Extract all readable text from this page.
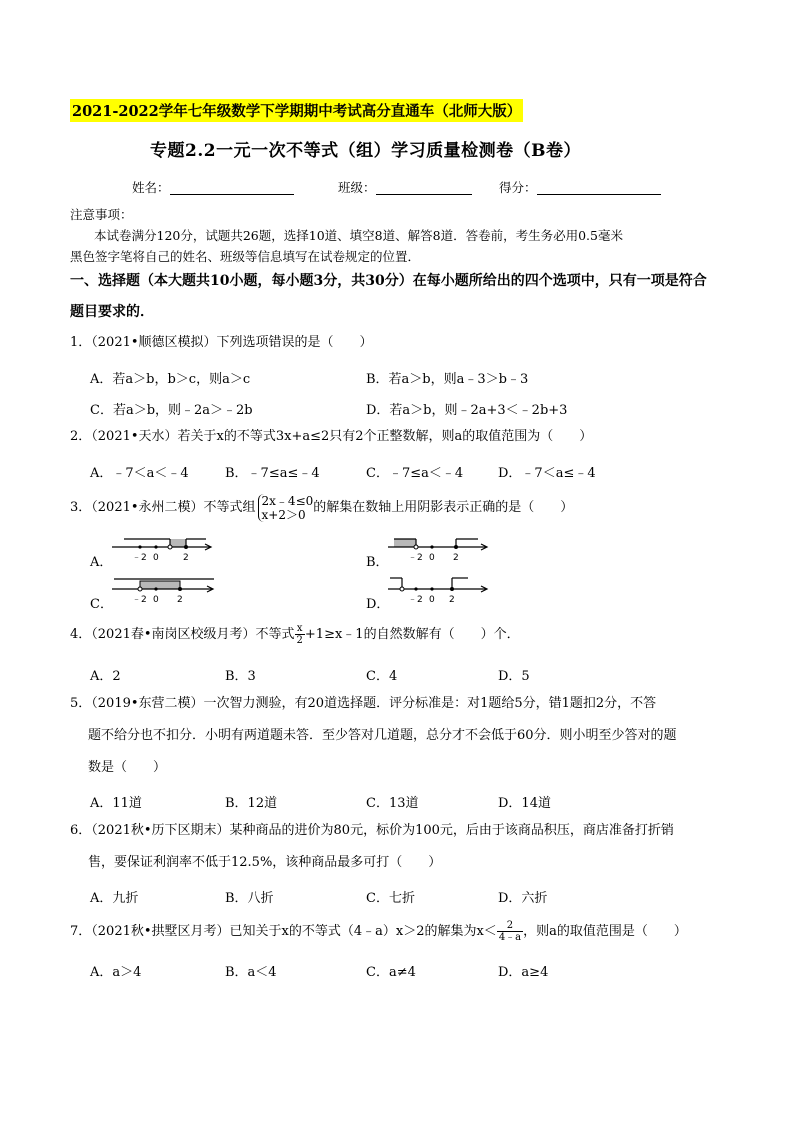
2021-2022学年七年级数学下学期期中考试高分直通车（北师大版）
专题2.2一元一次不等式（组）学习质量检测卷（B卷）
姓名：	班级：	得分：
注意事项：
本试卷满分120分，试题共26题，选择10道、填空8道、解答8道．答卷前，考生务必用0.5毫米
黑色签字笔将自己的姓名、班级等信息填写在试卷规定的位置．
一、选择题（本大题共10小题，每小题3分，共30分）在每小题所给出的四个选项中，只有一项是符合
题目要求的．
1．（2021•顺德区模拟）下列选项错误的是（　　）
A．若a＞b，b＞c，则a＞c	B．若a＞b，则a﹣3＞b﹣3
C．若a＞b，则﹣2a＞﹣2b	D．若a＞b，则﹣2a+3＜﹣2b+3
2．（2021•天水）若关于x的不等式3x+a≤2只有2个正整数解，则a的取值范围为（　　）
A．﹣7＜a＜﹣4	B．﹣7≤a≤﹣4	C．﹣7≤a＜﹣4	D．﹣7＜a≤﹣4
3．（2021•永州二模）不等式组 2x﹣4≤0
x+2＞0 的解集在数轴上用阴影表示正确的是（　　）
A．	B．
C．	D．
﹣2 0	2	﹣2 0 2
﹣2 0 2	﹣2 0 2
4．（2021春•南岗区校级月考）不等式 $\frac{x}{2}$ +1≥x﹣1的自然数解有（　　）个．
A．2	B．3	C．4	D．5
5．（2019•东营二模）一次智力测验，有20道选择题．评分标准是：对1题给5分，错1题扣2分，不答
题不给分也不扣分．小明有两道题未答．至少答对几道题，总分才不会低于60分．则小明至少答对的题
数是（　　）
A．11道	B．12道	C．13道	D．14道
6．（2021秋•历下区期末）某种商品的进价为80元，标价为100元，后由于该商品积压，商店准备打折销
售，要保证利润率不低于12.5%，该种商品最多可打（　　）
A．九折	B．八折	C．七折	D．六折
7．（2021秋•拱墅区月考）已知关于x的不等式（4﹣a）x＞2的解集为$x< \frac{2}{4﹣a}$ ，则a的取值范围是（　　）
A．a＞4	B．a＜4	C．a≠4	D．a≥4
